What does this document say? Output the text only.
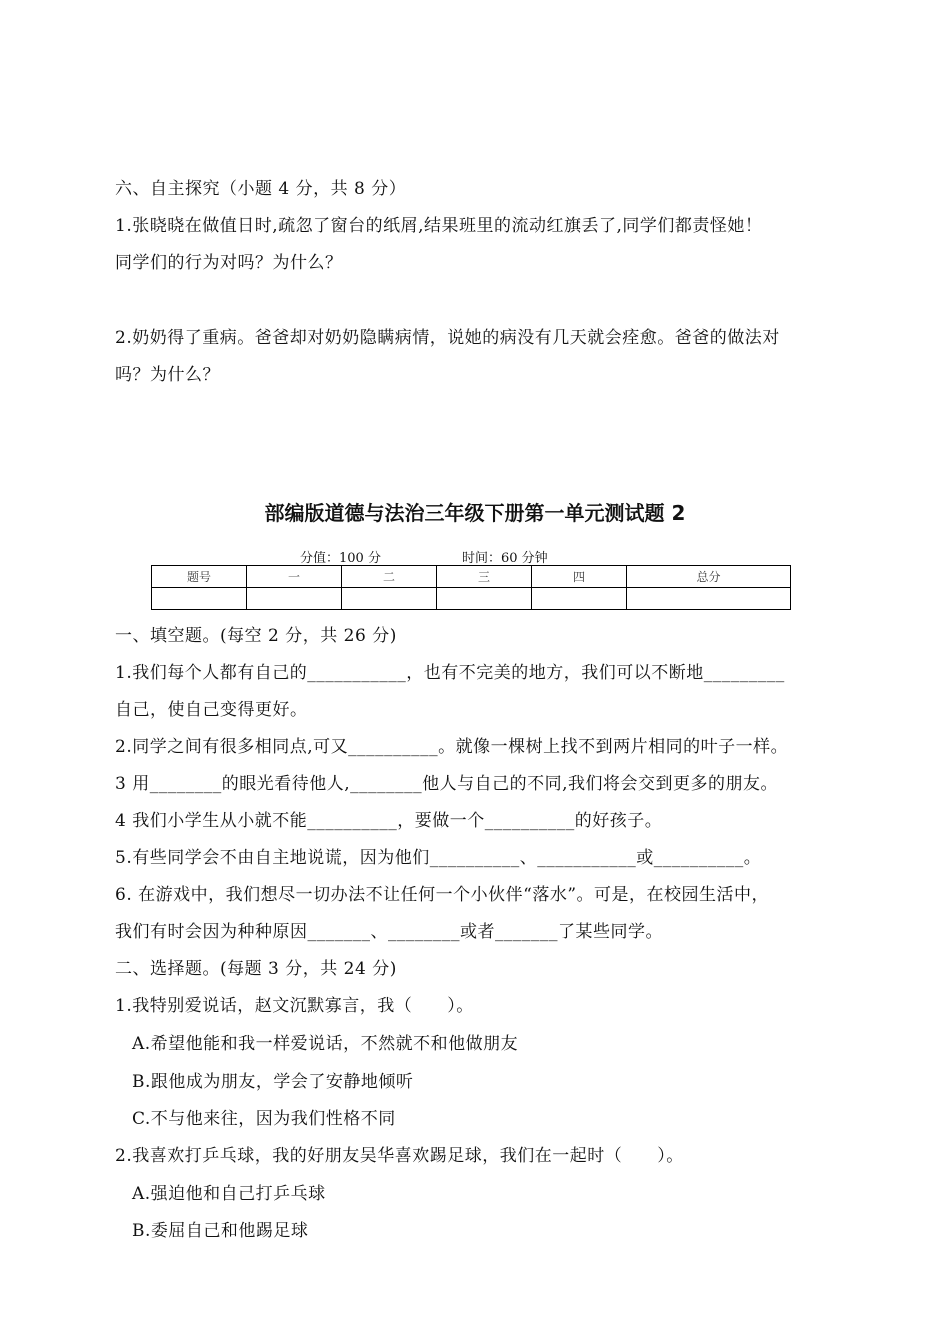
六、自主探究（小题 4 分，共 8 分）
1.张晓晓在做值日时,疏忽了窗台的纸屑,结果班里的流动红旗丢了,同学们都责怪她！
同学们的行为对吗？为什么？
2.奶奶得了重病。爸爸却对奶奶隐瞒病情，说她的病没有几天就会痊愈。爸爸的做法对
吗？为什么？
部编版道德与法治三年级下册第一单元测试题 2
分值：100 分	时间：60 分钟
题号	一	二	三	四	总分

一、填空题。(每空 2 分，共 26 分)
1.我们每个人都有自己的___________，也有不完美的地方，我们可以不断地_________
自己，使自己变得更好。
2.同学之间有很多相同点,可又__________。就像一棵树上找不到两片相同的叶子一样。
3 用________的眼光看待他人,________他人与自己的不同,我们将会交到更多的朋友。
4 我们小学生从小就不能__________，要做一个__________的好孩子。
5.有些同学会不由自主地说谎，因为他们__________、___________或__________。
6. 在游戏中，我们想尽一切办法不让任何一个小伙伴“落水”。可是，在校园生活中，
我们有时会因为种种原因_______、________或者_______了某些同学。
二、选择题。(每题 3 分，共 24 分)
1.我特别爱说话，赵文沉默寡言，我（　　）。
A.希望他能和我一样爱说话，不然就不和他做朋友
B.跟他成为朋友，学会了安静地倾听
C.不与他来往，因为我们性格不同
2.我喜欢打乒乓球，我的好朋友吴华喜欢踢足球，我们在一起时（　　）。
A.强迫他和自己打乒乓球
B.委屈自己和他踢足球
